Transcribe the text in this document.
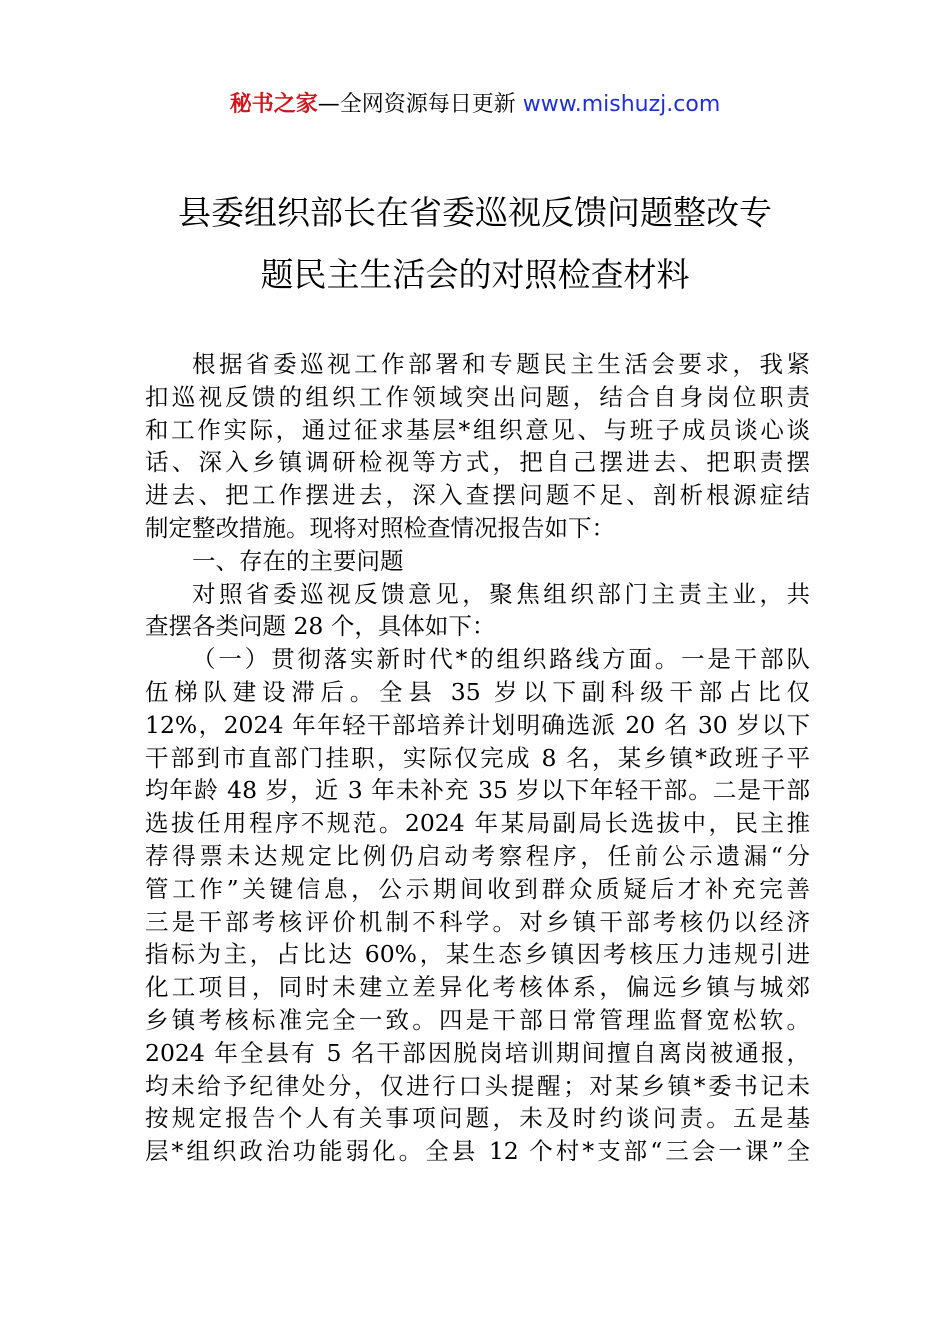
秘书之家—全网资源每日更新 www.mishuzj.com
县委组织部长在省委巡视反馈问题整改专
题民主生活会的对照检查材料

根据省委巡视工作部署和专题民主生活会要求，我紧
扣巡视反馈的组织工作领域突出问题，结合自身岗位职责
和工作实际，通过征求基层*组织意见、与班子成员谈心谈
话、深入乡镇调研检视等方式，把自己摆进去、把职责摆
进去、把工作摆进去，深入查摆问题不足、剖析根源症结
制定整改措施。现将对照检查情况报告如下：

一、存在的主要问题

对照省委巡视反馈意见，聚焦组织部门主责主业，共
查摆各类问题 28 个，具体如下：

（一）贯彻落实新时代*的组织路线方面。一是干部队
伍梯队建设滞后。全县 35 岁以下副科级干部占比仅
12%，2024 年年轻干部培养计划明确选派 20 名 30 岁以下
干部到市直部门挂职，实际仅完成 8 名，某乡镇*政班子平
均年龄 48 岁，近 3 年未补充 35 岁以下年轻干部。二是干部
选拔任用程序不规范。2024 年某局副局长选拔中，民主推
荐得票未达规定比例仍启动考察程序，任前公示遗漏“分
管工作”关键信息，公示期间收到群众质疑后才补充完善
三是干部考核评价机制不科学。对乡镇干部考核仍以经济
指标为主，占比达 60%，某生态乡镇因考核压力违规引进
化工项目，同时未建立差异化考核体系，偏远乡镇与城郊
乡镇考核标准完全一致。四是干部日常管理监督宽松软。
2024 年全县有 5 名干部因脱岗培训期间擅自离岗被通报，
均未给予纪律处分，仅进行口头提醒；对某乡镇*委书记未
按规定报告个人有关事项问题，未及时约谈问责。五是基
层*组织政治功能弱化。全县 12 个村*支部“三会一课”全
